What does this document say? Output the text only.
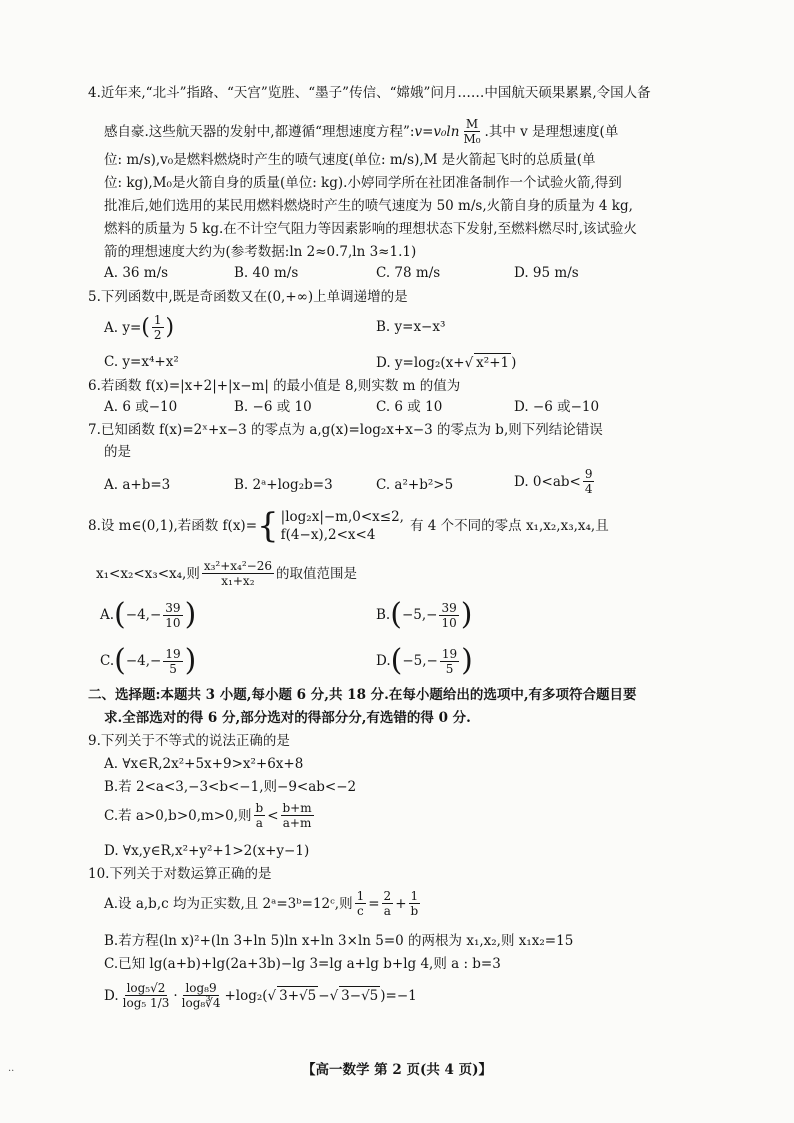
4.近年来,“北斗”指路、“天宫”览胜、“墨子”传信、“嫦娥”问月……中国航天硕果累累,令国人备
感自豪.这些航天器的发射中,都遵循“理想速度方程”: $v=v_0\ln \frac{M}{\text{M₀}}$ .其中 v 是理想速度(单
位: m/s),v₀是燃料燃烧时产生的喷气速度(单位: m/s),M 是火箭起飞时的总质量(单
位: kg),M₀是火箭自身的质量(单位: kg).小婷同学所在社团准备制作一个试验火箭,得到
批准后,她们选用的某民用燃料燃烧时产生的喷气速度为 50 m/s,火箭自身的质量为 4 kg,
燃料的质量为 5 kg.在不计空气阻力等因素影响的理想状态下发射,至燃料燃尽时,该试验火
箭的理想速度大约为(参考数据:ln 2≈0.7,ln 3≈1.1)
A. 36 m/s	B. 40 m/s	C. 78 m/s	D. 95 m/s
5.下列函数中,既是奇函数又在(0,+∞)上单调递增的是
A. y= ( $\frac{1}{2}$ )	B. y=x−x³
C. y=x⁴+x²	D. y=log₂(x+ √ x²+1 )
6.若函数 f(x)=|x+2|+|x−m| 的最小值是 8,则实数 m 的值为
A. 6 或−10	B. −6 或 10	C. 6 或 10	D. −6 或−10
7.已知函数 f(x)=2ˣ+x−3 的零点为 a,g(x)=log₂x+x−3 的零点为 b,则下列结论错误
的是
A. a+b=3	B. 2ᵃ+log₂b=3	C. a²+b²>5	D. $0<ab< \frac{9}{4}$
8.设 m∈(0,1),若函数 f(x)= { |log₂x|−m,0<x≤2,
f(4−x),2<x<4
有 4 个不同的零点 x₁,x₂,x₃,x₄,且
x₁<x₂<x₃<x₄,则 $\frac{\text{x₃²+x₄²−26}}{\text{x₁+x₂}}$ 的取值范围是
A. ( $-4,- \frac{39}{10}$ )	B. ( $-5,- \frac{39}{10}$ )
C. ( $-4,- \frac{19}{5}$ )	D. ( $-5,- \frac{19}{5}$ )
二、选择题:本题共 3 小题,每小题 6 分,共 18 分.在每小题给出的选项中,有多项符合题目要
求.全部选对的得 6 分,部分选对的得部分分,有选错的得 0 分.
9.下列关于不等式的说法正确的是
A. ∀x∈R,2x²+5x+9>x²+6x+8
B.若 2<a<3,−3<b<−1,则−9<ab<−2
C.若 a>0,b>0,m>0,则 $\frac{b}{a} < \frac{b+m}{a+m}$
D. ∀x,y∈R,x²+y²+1>2(x+y−1)
10.下列关于对数运算正确的是
A.设 a,b,c 均为正实数,且 2ᵃ=3ᵇ=12ᶜ,则 $\frac{1}{c} = \frac{2}{a} + \frac{1}{b}$
B.若方程(ln x)²+(ln 3+ln 5)ln x+ln 3×ln 5=0 的两根为 x₁,x₂,则 x₁x₂=15
C.已知 lg(a+b)+lg(2a+3b)−lg 3=lg a+lg b+lg 4,则 a : b=3
D. $\frac{\text{log₅√2}}{\text{log₅ 1/3}} \cdot \frac{\text{log₈9}}{\text{log₈∛4}} +\log_2$( √ 3+√5 − √ 3−√5 )=−1
【高一数学 第 2 页(共 4 页)】
··
